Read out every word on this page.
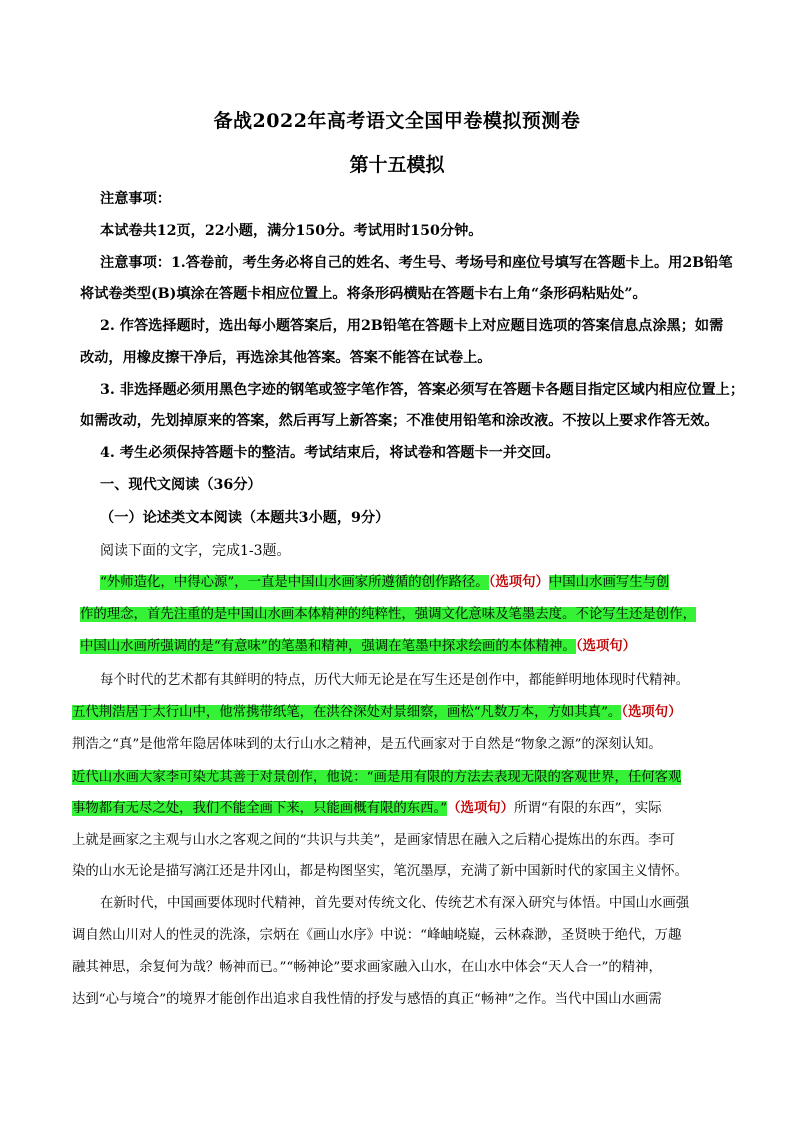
备战2022年高考语文全国甲卷模拟预测卷
第十五模拟
注意事项：
本试卷共12页，22小题，满分150分。考试用时150分钟。
注意事项：1.答卷前，考生务必将自己的姓名、考生号、考场号和座位号填写在答题卡上。用2B铅笔
将试卷类型(B)填涂在答题卡相应位置上。将条形码横贴在答题卡右上角“条形码粘贴处”。
2. 作答选择题时，选出每小题答案后，用2B铅笔在答题卡上对应题目选项的答案信息点涂黑；如需
改动，用橡皮擦干净后，再选涂其他答案。答案不能答在试卷上。
3. 非选择题必须用黑色字迹的钢笔或签字笔作答，答案必须写在答题卡各题目指定区域内相应位置上；
如需改动，先划掉原来的答案，然后再写上新答案；不准使用铅笔和涂改液。不按以上要求作答无效。
4. 考生必须保持答题卡的整洁。考试结束后，将试卷和答题卡一并交回。
一、现代文阅读（36分）
（一）论述类文本阅读（本题共3小题，9分）
阅读下面的文字，完成1-3题。
“外师造化，中得心源”，一直是中国山水画家所遵循的创作路径。（选项句）中国山水画写生与创
作的理念，首先注重的是中国山水画本体精神的纯粹性，强调文化意味及笔墨去度。不论写生还是创作，
中国山水画所强调的是“有意味”的笔墨和精神，强调在笔墨中探求绘画的本体精神。（选项句）
每个时代的艺术都有其鲜明的特点，历代大师无论是在写生还是创作中，都能鲜明地体现时代精神。
五代荆浩居于太行山中，他常携带纸笔，在洪谷深处对景细察，画松“凡数万本，方如其真”。（选项句）
荆浩之“真”是他常年隐居体味到的太行山水之精神，是五代画家对于自然是“物象之源”的深刻认知。
近代山水画大家李可染尤其善于对景创作，他说：“画是用有限的方法去表现无限的客观世界，任何客观
事物都有无尽之处，我们不能全画下来，只能画概有限的东西。”（选项句）所谓“有限的东西”，实际
上就是画家之主观与山水之客观之间的“共识与共美”，是画家情思在融入之后精心提炼出的东西。李可
染的山水无论是描写漓江还是井冈山，都是构图坚实，笔沉墨厚，充满了新中国新时代的家国主义情怀。
在新时代，中国画要体现时代精神，首先要对传统文化、传统艺术有深入研究与体悟。中国山水画强
调自然山川对人的性灵的洗涤，宗炳在《画山水序》中说：“峰岫峣嶷，云林森渺，圣贤映于绝代，万趣
融其神思，余复何为哉？畅神而已。”“畅神论”要求画家融入山水，在山水中体会“天人合一”的精神，
达到“心与境合”的境界才能创作出追求自我性情的抒发与感悟的真正“畅神”之作。当代中国山水画需
